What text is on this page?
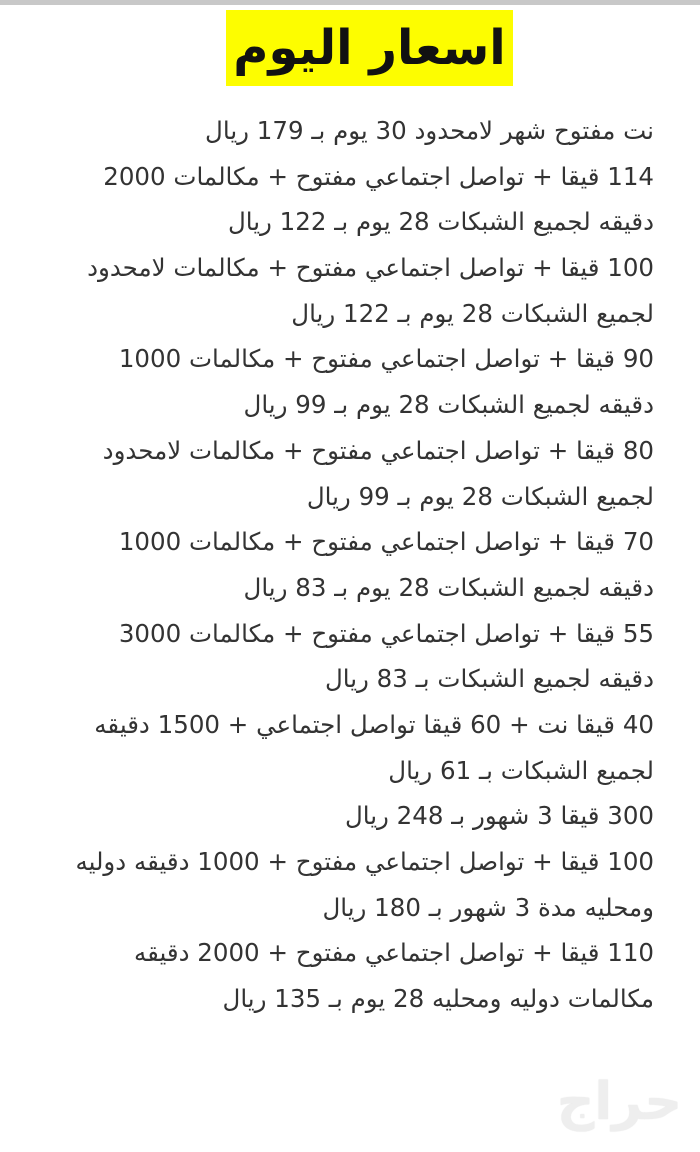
اسعار اليوم
نت مفتوح شهر لامحدود 30 يوم بـ 179 ريال
114 قيقا + تواصل اجتماعي مفتوح + مكالمات 2000
دقيقه لجميع الشبكات 28 يوم بـ 122 ريال
100 قيقا + تواصل اجتماعي مفتوح + مكالمات لامحدود
لجميع الشبكات 28 يوم بـ 122 ريال
90 قيقا + تواصل اجتماعي مفتوح + مكالمات 1000
دقيقه لجميع الشبكات 28 يوم بـ 99 ريال
80 قيقا + تواصل اجتماعي مفتوح + مكالمات لامحدود
لجميع الشبكات 28 يوم بـ 99 ريال
70 قيقا + تواصل اجتماعي مفتوح + مكالمات 1000
دقيقه لجميع الشبكات 28 يوم بـ 83 ريال
55 قيقا + تواصل اجتماعي مفتوح + مكالمات 3000
دقيقه لجميع الشبكات بـ 83 ريال
40 قيقا نت + 60 قيقا تواصل اجتماعي + 1500 دقيقه
لجميع الشبكات بـ 61 ريال
300 قيقا 3 شهور بـ 248 ريال
100 قيقا + تواصل اجتماعي مفتوح + 1000 دقيقه دوليه
ومحليه مدة 3 شهور بـ 180 ريال
110 قيقا + تواصل اجتماعي مفتوح + 2000 دقيقه
مكالمات دوليه ومحليه 28 يوم بـ 135 ريال
حراج
